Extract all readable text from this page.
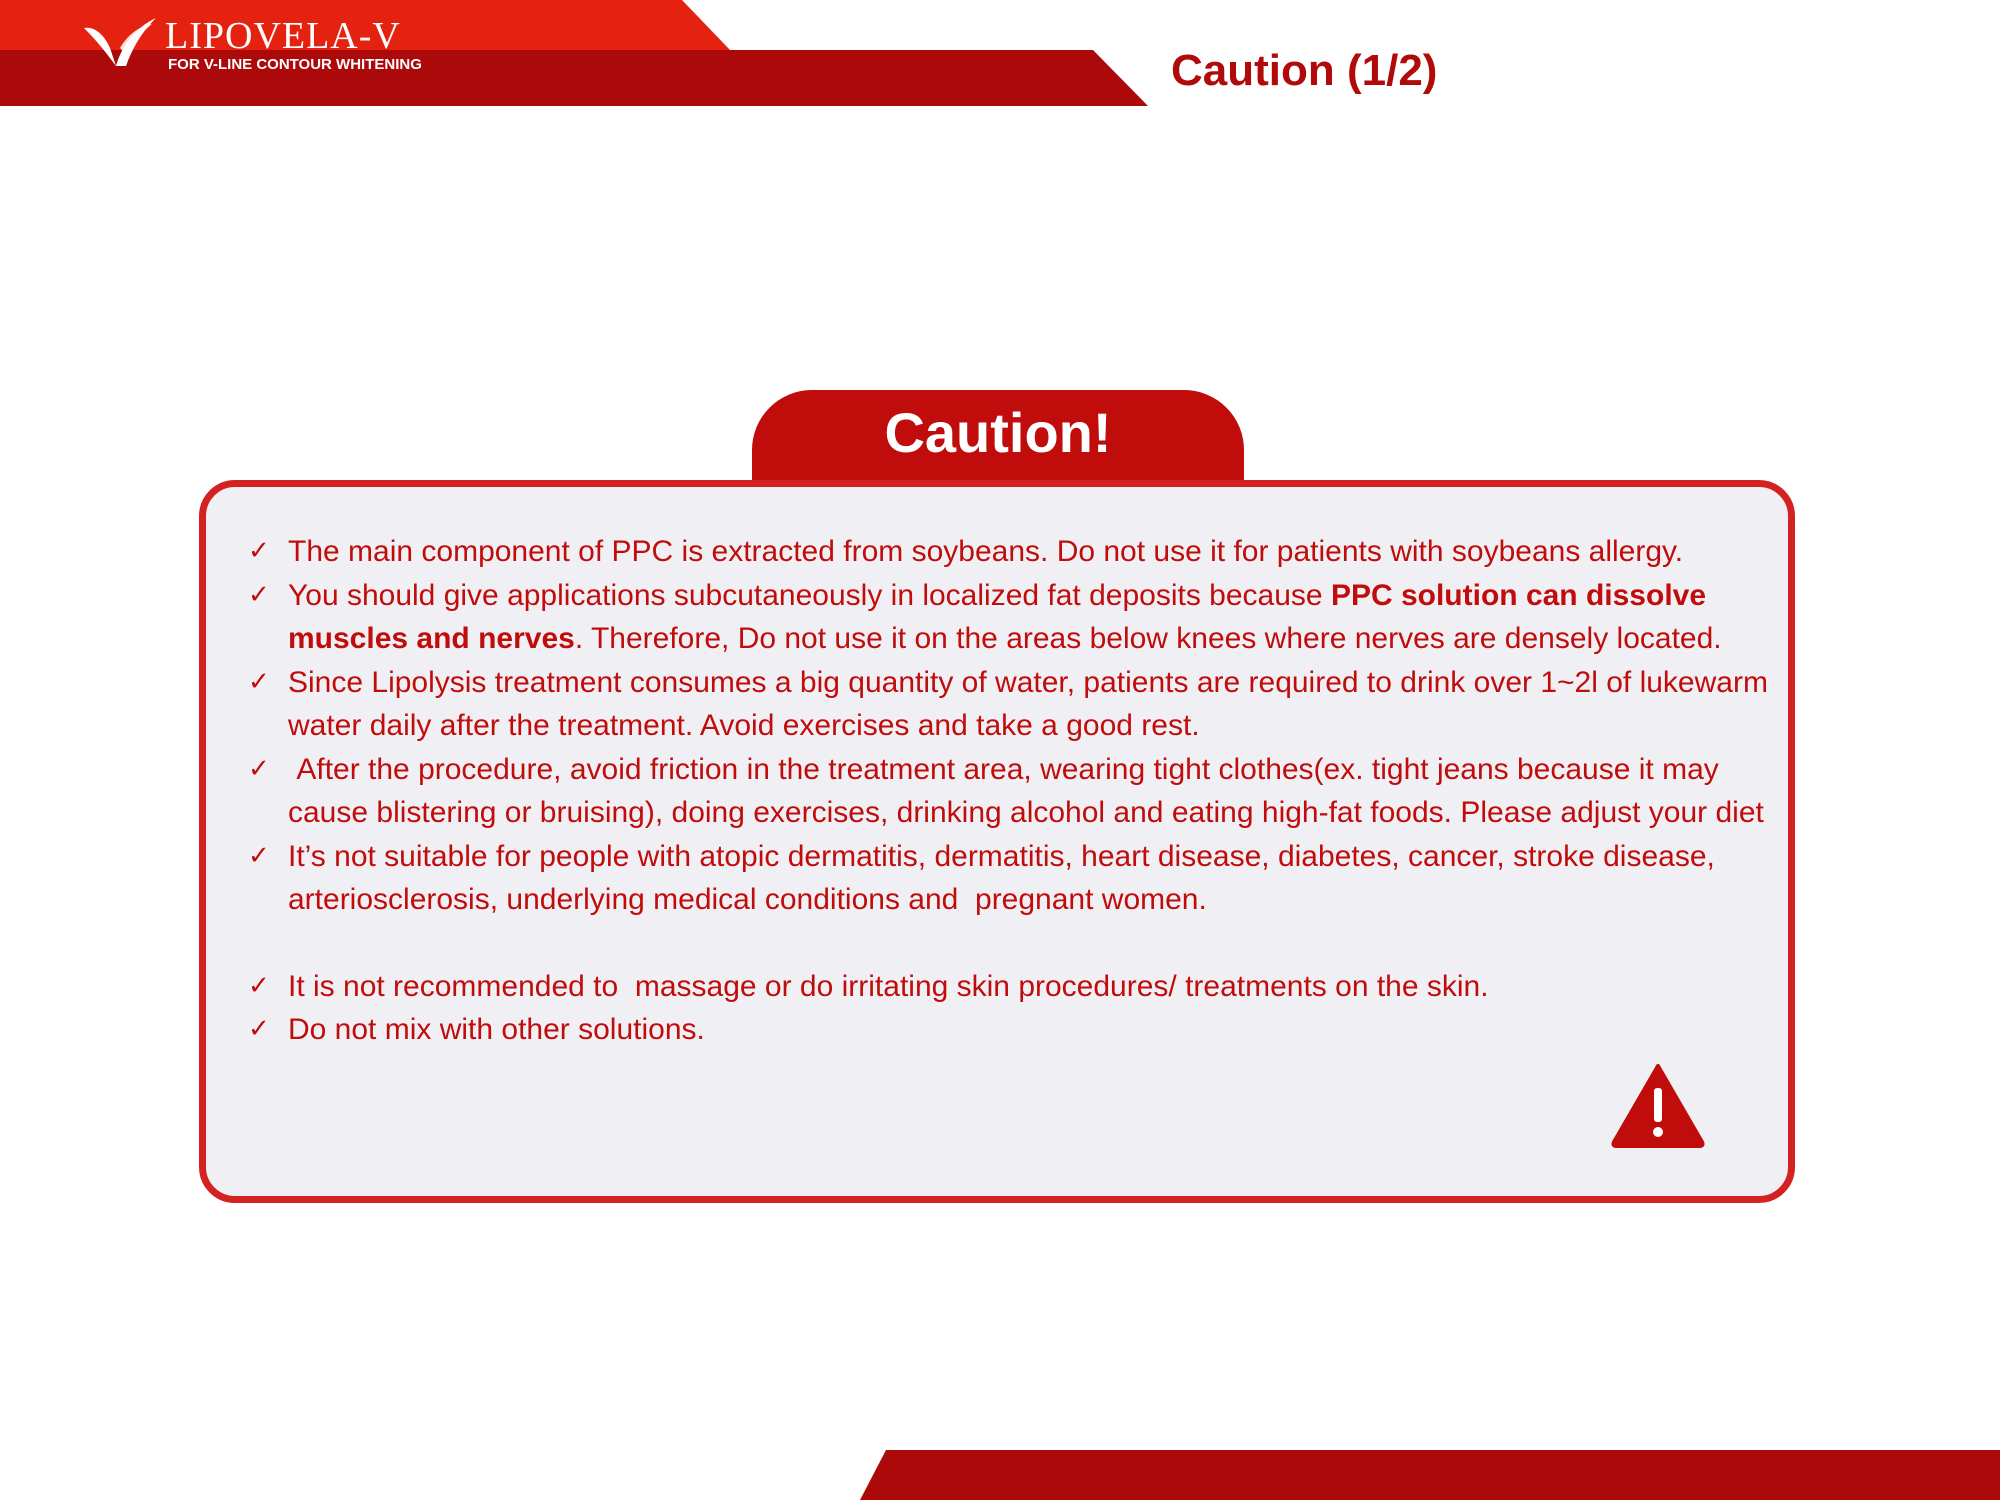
LIPOVELA-V
FOR V-LINE CONTOUR WHITENING	Caution (1/2)
Caution!
✓ The main component of PPC is extracted from soybeans. Do not use it for patients with soybeans allergy.
✓ You should give applications subcutaneously in localized fat deposits because PPC solution can dissolve muscles and nerves. Therefore, Do not use it on the areas below knees where nerves are densely located.
✓ Since Lipolysis treatment consumes a big quantity of water, patients are required to drink over 1~2l of lukewarm water daily after the treatment. Avoid exercises and take a good rest.
✓ After the procedure, avoid friction in the treatment area, wearing tight clothes(ex. tight jeans because it may cause blistering or bruising), doing exercises, drinking alcohol and eating high-fat foods. Please adjust your diet
✓ It’s not suitable for people with atopic dermatitis, dermatitis, heart disease, diabetes, cancer, stroke disease,  arteriosclerosis, underlying medical conditions and  pregnant women.
✓ It is not recommended to  massage or do irritating skin procedures/ treatments on the skin.
✓ Do not mix with other solutions.
